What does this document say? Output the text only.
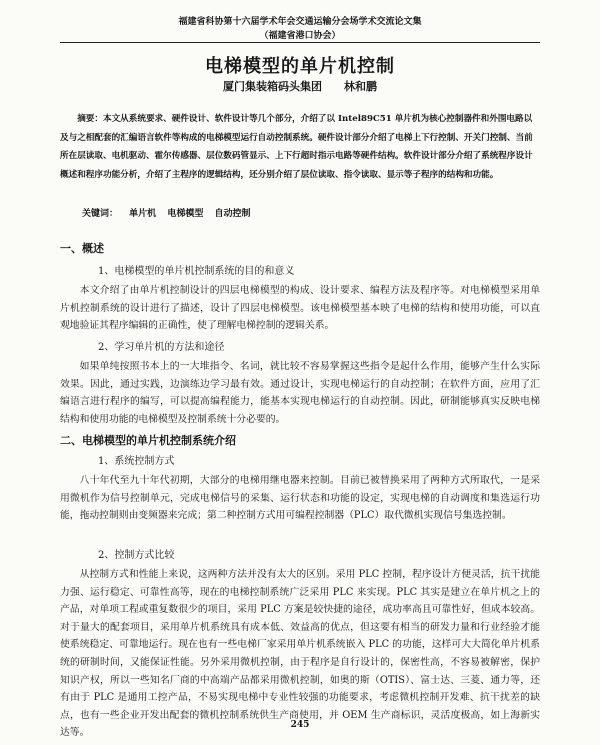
福建省科协第十六届学术年会交通运输分会场学术交流论文集
（福建省港口协会）
电梯模型的单片机控制
厦门集装箱码头集团　　林和鹏

摘要：本文从系统要求、硬件设计、软件设计等几个部分，介绍了以 Intel89C51 单片机为核心控制器件和外围电路以及与之相配套的汇编语言软件等构成的电梯模型运行自动控制系统。硬件设计部分介绍了电梯上下行控制、开关门控制、当前所在层读取、电机驱动、霍尔传感器、层位数码管显示、上下行超时指示电路等硬件结构。软件设计部分介绍了系统程序设计概述和程序功能分析，介绍了主程序的逻辑结构，还分别介绍了层位读取、指令读取、显示等子程序的结构和功能。

关键词： 单片机 电梯模型 自动控制

一、概述

1、电梯模型的单片机控制系统的目的和意义

本文介绍了由单片机控制设计的四层电梯模型的构成、设计要求、编程方法及程序等。对电梯模型采用单片机控制系统的设计进行了描述，设计了四层电梯模型。该电梯模型基本映了电梯的结构和使用功能，可以直观地验证其程序编辑的正确性，使了理解电梯控制的逻辑关系。

2、学习单片机的方法和途径

如果单纯按照书本上的一大堆指令、名词，就比较不容易掌握这些指令是起什么作用，能够产生什么实际效果。因此，通过实践，边演练边学习最有效。通过设计，实现电梯运行的自动控制；在软件方面，应用了汇编语言进行程序的编写，可以提高编程能力，能基本实现电梯运行的自动控制。因此，研制能够真实反映电梯结构和使用功能的电梯模型及控制系统十分必要的。

二、电梯模型的单片机控制系统介绍

1、系统控制方式

八十年代至九十年代初期，大部分的电梯用继电器来控制。目前已被替换采用了两种方式所取代，一是采用微机作为信号控制单元，完成电梯信号的采集、运行状态和功能的设定，实现电梯的自动调度和集选运行功能，拖动控制则由变频器来完成；第二种控制方式用可编程控制器（PLC）取代微机实现信号集选控制。

2、控制方式比较

从控制方式和性能上来说，这两种方法并没有太大的区别。采用 PLC 控制，程序设计方便灵活，抗干扰能力强、运行稳定、可靠性高等，现在的电梯控制系统广泛采用 PLC 来实现。PLC 其实是建立在单片机之上的产品，对单项工程或重复数很少的项目，采用 PLC 方案是较快捷的途径，成功率高且可靠性好，但成本较高。对于量大的配套项目，采用单片机系统具有成本低、效益高的优点，但这要有相当的研发力量和行业经验才能使系统稳定、可靠地运行。现在也有一些电梯厂家采用单片机系统嵌入 PLC 的功能，这样可大大简化单片机系统的研制时间，又能保证性能。另外采用微机控制，由于程序是自行设计的，保密性高，不容易被解密，保护知识产权，所以一些知名厂商的中高端产品都采用微机控制，如奥的斯（OTIS）、富士达、三菱、通力等，还有由于 PLC 是通用工控产品，不易实现电梯中专业性较强的功能要求，考虑微机控制开发难、抗干扰差的缺点，也有一些企业开发出配套的微机控制系统供生产商使用，并 OEM 生产商标识，灵活度极高，如上海新实达等。

245
